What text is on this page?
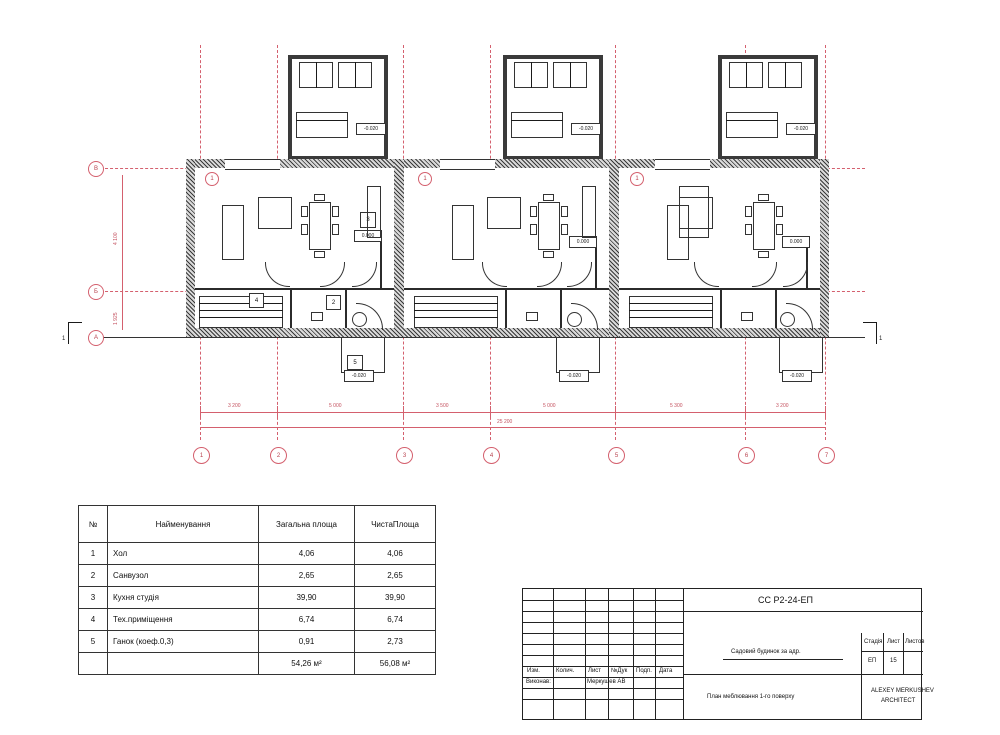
В
Б
А
4 100
1 925
1	1
-0.020	-0.020	-0.020
3
0.000
4	2
1
5
-0.020
0.000
1
-0.020
0.000
1
-0.020
3 200	5 000	3 500	5 000	5 300	3 200
25 200
1	2	3	4	5	6	7
№	Найменування	Загальна площа	ЧистаПлоща
1	Хол	4,06	4,06
2	Санвузол	2,65	2,65
3	Кухня студія	39,90	39,90
4	Тех.приміщення	6,74	6,74
5	Ганок (коеф.0,3)	0,91	2,73
		54,26 м²	56,08 м²
Изм.	Колич. Лист №Дук Подп. Дата
Виконав:	Меркушев АВ
CC P2-24-ЕП
Садовий будинок за адр.
План меблювання 1-го поверху
Стадія Лист Листов
ЕП 15
ALEXEY MERKUSHEV
ARCHITECT
